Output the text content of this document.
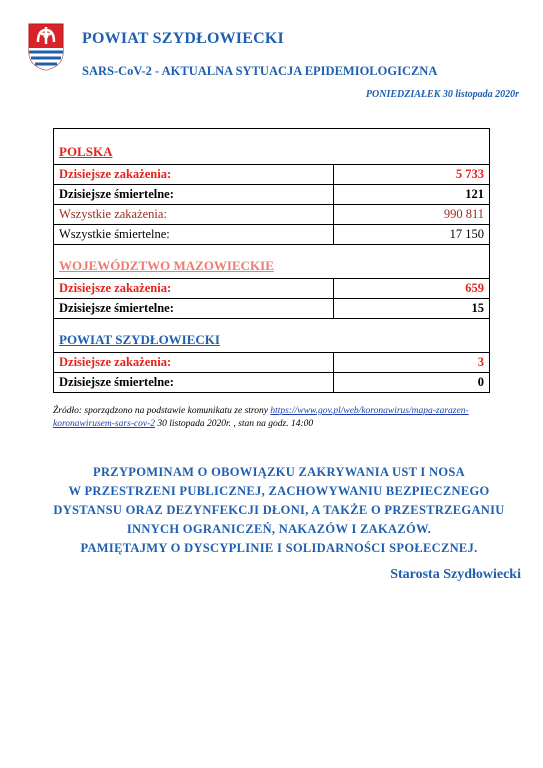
POWIAT SZYDŁOWIECKI
SARS-CoV-2 - AKTUALNA SYTUACJA EPIDEMIOLOGICZNA
PONIEDZIAŁEK 30 listopada 2020r
POLSKA	
Dzisiejsze zakażenia:	5 733
Dzisiejsze śmiertelne:	121
Wszystkie zakażenia:	990 811
Wszystkie śmiertelne:	17 150
WOJEWÓDZTWO MAZOWIECKIE	
Dzisiejsze zakażenia:	659
Dzisiejsze śmiertelne:	15
POWIAT SZYDŁOWIECKI	
Dzisiejsze zakażenia:	3
Dzisiejsze śmiertelne:	0
Źródło: sporządzono na podstawie komunikatu ze strony https://www.gov.pl/web/koronawirus/mapa-zarazen-koronawirusem-sars-cov-2 30 listopada 2020r. , stan na godz. 14:00
PRZYPOMINAM O OBOWIĄZKU ZAKRYWANIA UST I NOSA
W PRZESTRZENI PUBLICZNEJ, ZACHOWYWANIU BEZPIECZNEGO
DYSTANSU ORAZ DEZYNFEKCJI DŁONI, A TAKŻE O PRZESTRZEGANIU
INNYCH OGRANICZEŃ, NAKAZÓW I ZAKAZÓW.
PAMIĘTAJMY O DYSCYPLINIE I SOLIDARNOŚCI SPOŁECZNEJ.
Starosta Szydłowiecki
